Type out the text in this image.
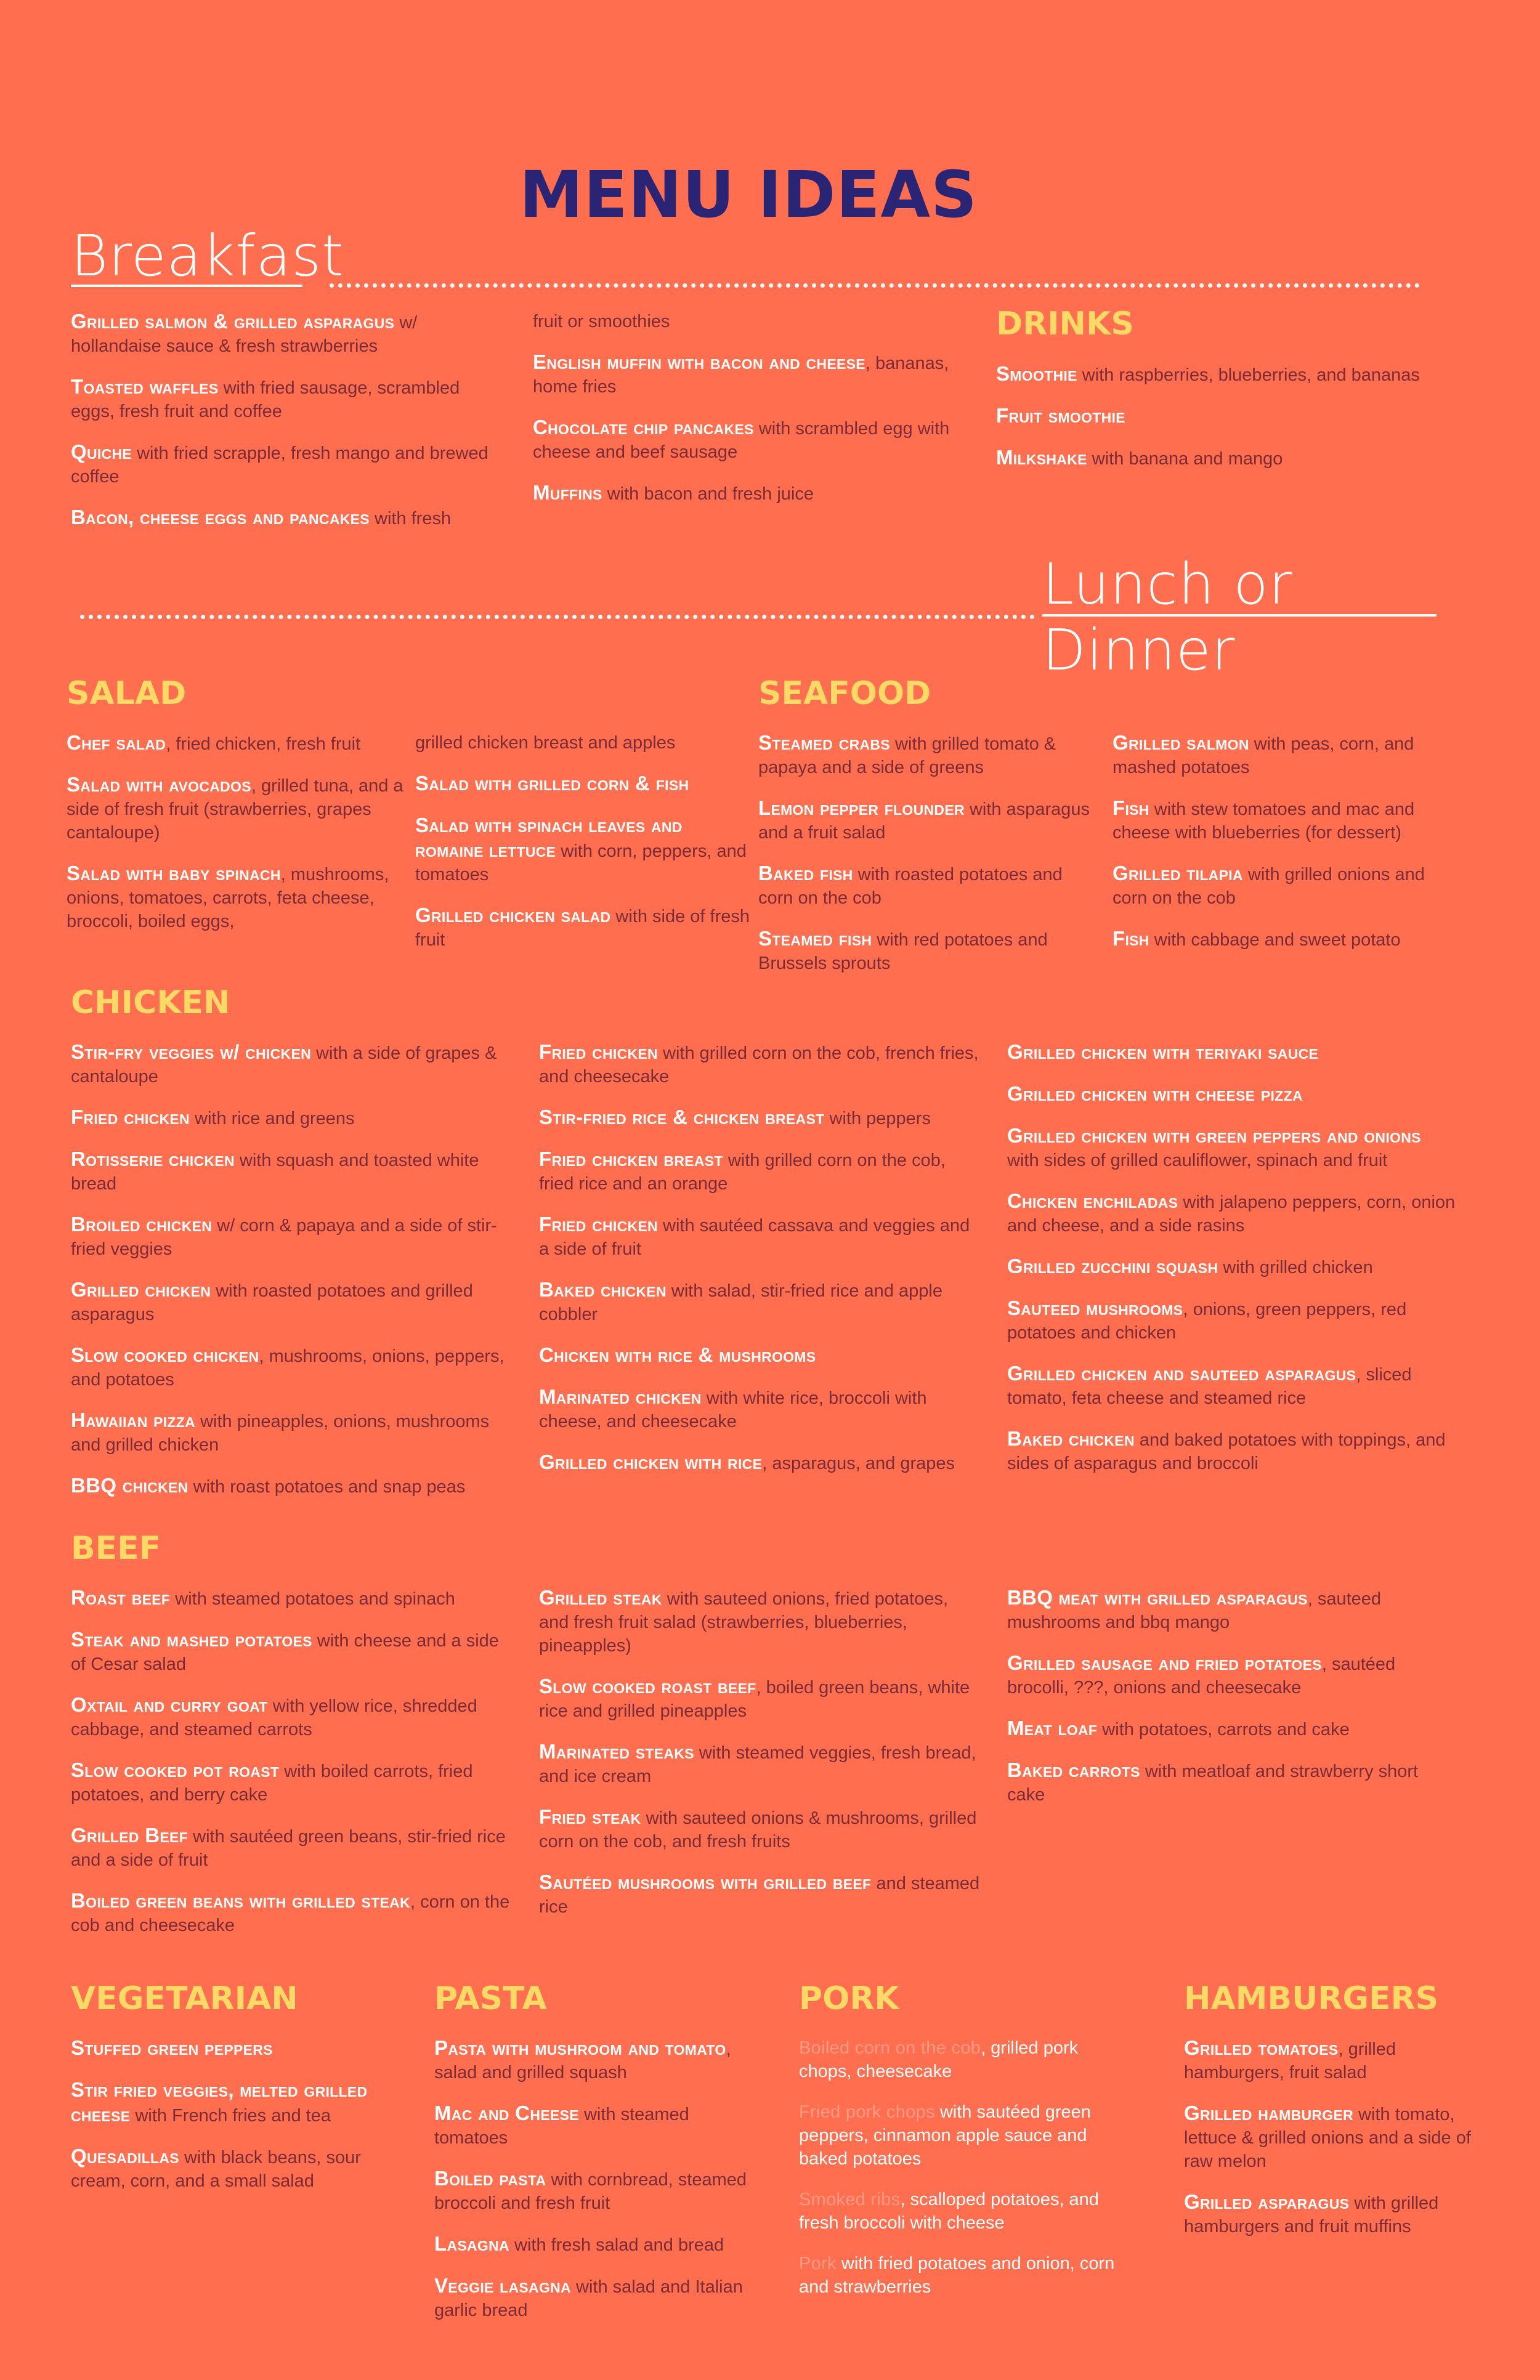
MENU IDEAS
Breakfast
Lunch or Dinner
Grilled salmon & grilled asparagus w/ hollandaise sauce & fresh strawberries
Toasted waffles with fried sausage, scrambled eggs, fresh fruit and coffee
Quiche with fried scrapple, fresh mango and brewed coffee
Bacon, cheese eggs and pancakes with fresh
fruit or smoothies
English muffin with bacon and cheese, bananas, home fries
Chocolate chip pancakes with scrambled egg with cheese and beef sausage
Muffins with bacon and fresh juice
DRINKS
Smoothie with raspberries, blueberries, and bananas
Fruit smoothie
Milkshake with banana and mango
SALAD
Chef salad, fried chicken, fresh fruit
Salad with avocados, grilled tuna, and a side of fresh fruit (strawberries, grapes cantaloupe)
Salad with baby spinach, mushrooms, onions, tomatoes, carrots, feta cheese, broccoli, boiled eggs,
grilled chicken breast and apples
Salad with grilled corn & fish
Salad with spinach leaves and romaine lettuce with corn, peppers, and tomatoes
Grilled chicken salad with side of fresh fruit
SEAFOOD
Steamed crabs with grilled tomato & papaya and a side of greens
Lemon pepper flounder with asparagus and a fruit salad
Baked fish with roasted potatoes and corn on the cob
Steamed fish with red potatoes and Brussels sprouts
Grilled salmon with peas, corn, and mashed potatoes
Fish with stew tomatoes and mac and cheese with blueberries (for dessert)
Grilled tilapia with grilled onions and corn on the cob
Fish with cabbage and sweet potato
CHICKEN
Stir-fry veggies w/ chicken with a side of grapes & cantaloupe
Fried chicken with rice and greens
Rotisserie chicken with squash and toasted white bread
Broiled chicken w/ corn & papaya and a side of stir-fried veggies
Grilled chicken with roasted potatoes and grilled asparagus
Slow cooked chicken, mushrooms, onions, peppers, and potatoes
Hawaiian pizza with pineapples, onions, mushrooms and grilled chicken
BBQ chicken with roast potatoes and snap peas
Fried chicken with grilled corn on the cob, french fries, and cheesecake
Stir-fried rice & chicken breast with peppers
Fried chicken breast with grilled corn on the cob, fried rice and an orange
Fried chicken with sautéed cassava and veggies and a side of fruit
Baked chicken with salad, stir-fried rice and apple cobbler
Chicken with rice & mushrooms
Marinated chicken with white rice, broccoli with cheese, and cheesecake
Grilled chicken with rice, asparagus, and grapes
Grilled chicken with teriyaki sauce
Grilled chicken with cheese pizza
Grilled chicken with green peppers and onions with sides of grilled cauliflower, spinach and fruit
Chicken enchiladas with jalapeno peppers, corn, onion and cheese, and a side rasins
Grilled zucchini squash with grilled chicken
Sauteed mushrooms, onions, green peppers, red potatoes and chicken
Grilled chicken and sauteed asparagus, sliced tomato, feta cheese and steamed rice
Baked chicken and baked potatoes with toppings, and sides of asparagus and broccoli
BEEF
Roast beef with steamed potatoes and spinach
Steak and mashed potatoes with cheese and a side of Cesar salad
Oxtail and curry goat with yellow rice, shredded cabbage, and steamed carrots
Slow cooked pot roast with boiled carrots, fried potatoes, and berry cake
Grilled Beef with sautéed green beans, stir-fried rice and a side of fruit
Boiled green beans with grilled steak, corn on the cob and cheesecake
Grilled steak with sauteed onions, fried potatoes, and fresh fruit salad (strawberries, blueberries, pineapples)
Slow cooked roast beef, boiled green beans, white rice and grilled pineapples
Marinated steaks with steamed veggies, fresh bread, and ice cream
Fried steak with sauteed onions & mushrooms, grilled corn on the cob, and fresh fruits
Sautéed mushrooms with grilled beef and steamed rice
BBQ meat with grilled asparagus, sauteed mushrooms and bbq mango
Grilled sausage and fried potatoes, sautéed brocolli, ???, onions and cheesecake
Meat loaf with potatoes, carrots and cake
Baked carrots with meatloaf and strawberry short cake
VEGETARIAN
Stuffed green peppers
Stir fried veggies, melted grilled cheese with French fries and tea
Quesadillas with black beans, sour cream, corn, and a small salad
PASTA
Pasta with mushroom and tomato, salad and grilled squash
Mac and Cheese with steamed tomatoes
Boiled pasta with cornbread, steamed broccoli and fresh fruit
Lasagna with fresh salad and bread
Veggie lasagna with salad and Italian garlic bread
PORK
Boiled corn on the cob, grilled pork chops, cheesecake
Fried pork chops with sautéed green peppers, cinnamon apple sauce and baked potatoes
Smoked ribs, scalloped potatoes, and fresh broccoli with cheese
Pork with fried potatoes and onion, corn and strawberries
HAMBURGERS
Grilled tomatoes, grilled hamburgers, fruit salad
Grilled hamburger with tomato, lettuce & grilled onions and a side of raw melon
Grilled asparagus with grilled hamburgers and fruit muffins
